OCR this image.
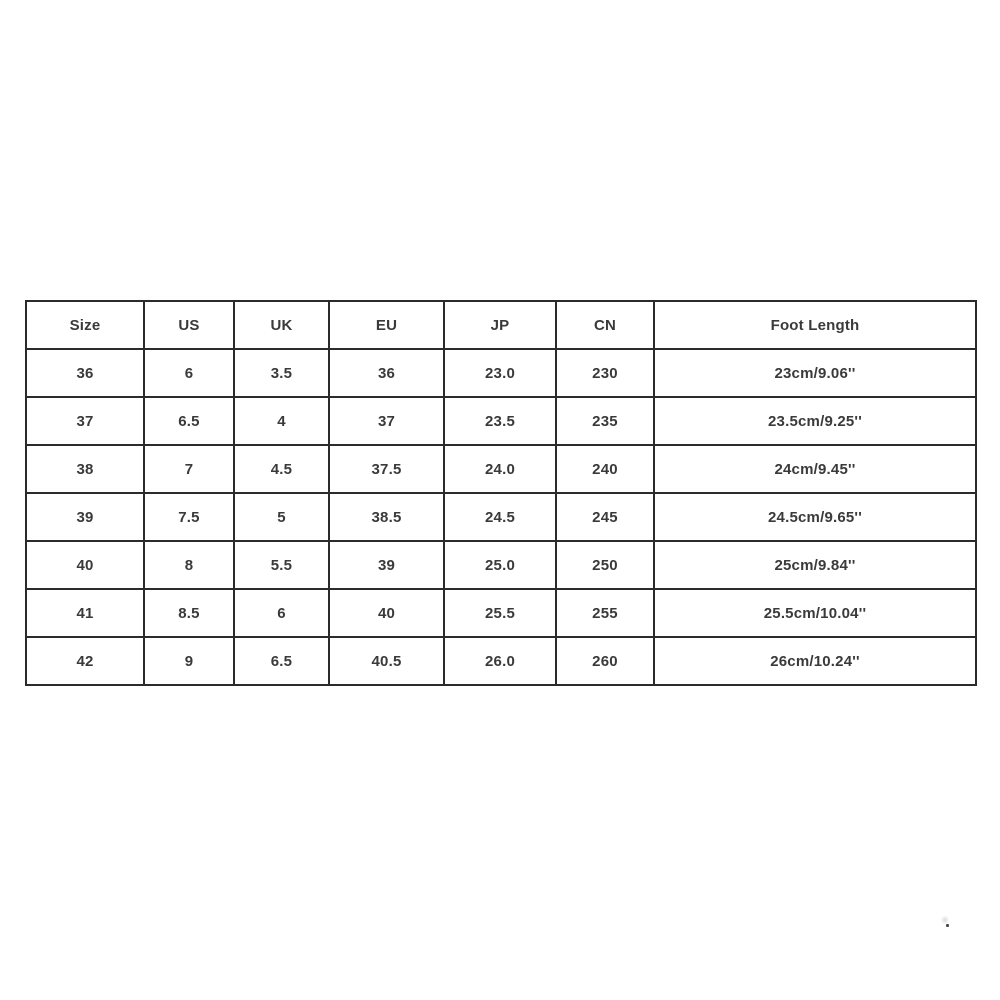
Size	US	UK	EU	JP	CN	Foot Length
36	6	3.5	36	23.0	230	23cm/9.06''
37	6.5	4	37	23.5	235	23.5cm/9.25''
38	7	4.5	37.5	24.0	240	24cm/9.45''
39	7.5	5	38.5	24.5	245	24.5cm/9.65''
40	8	5.5	39	25.0	250	25cm/9.84''
41	8.5	6	40	25.5	255	25.5cm/10.04''
42	9	6.5	40.5	26.0	260	26cm/10.24''
